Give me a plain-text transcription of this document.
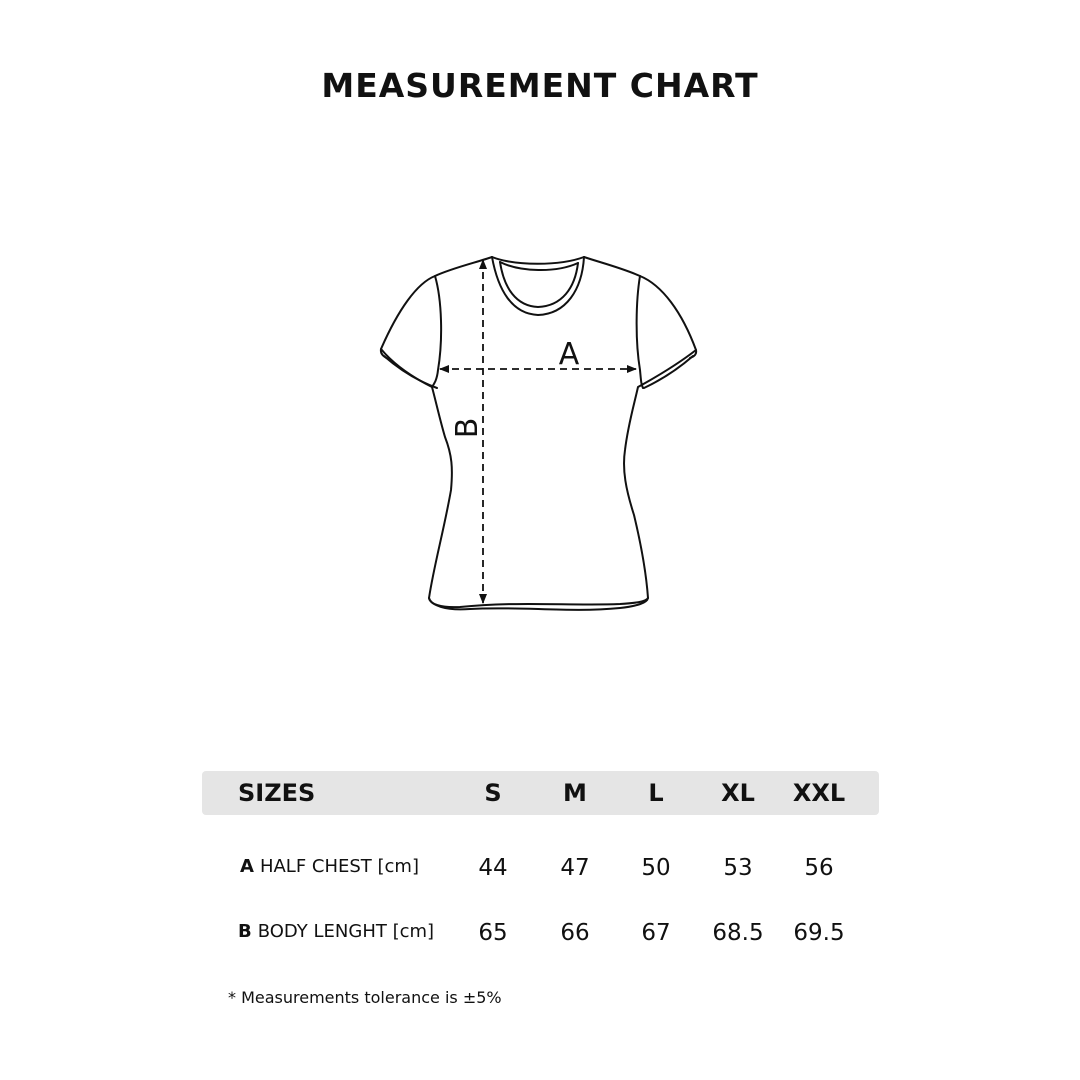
MEASUREMENT CHART
A
B
SIZES	S	M	L	XL	XXL
A HALF CHEST [cm]	44	47	50	53	56
B BODY LENGHT [cm]	65	66	67	68.5	69.5
* Measurements tolerance is ±5%
